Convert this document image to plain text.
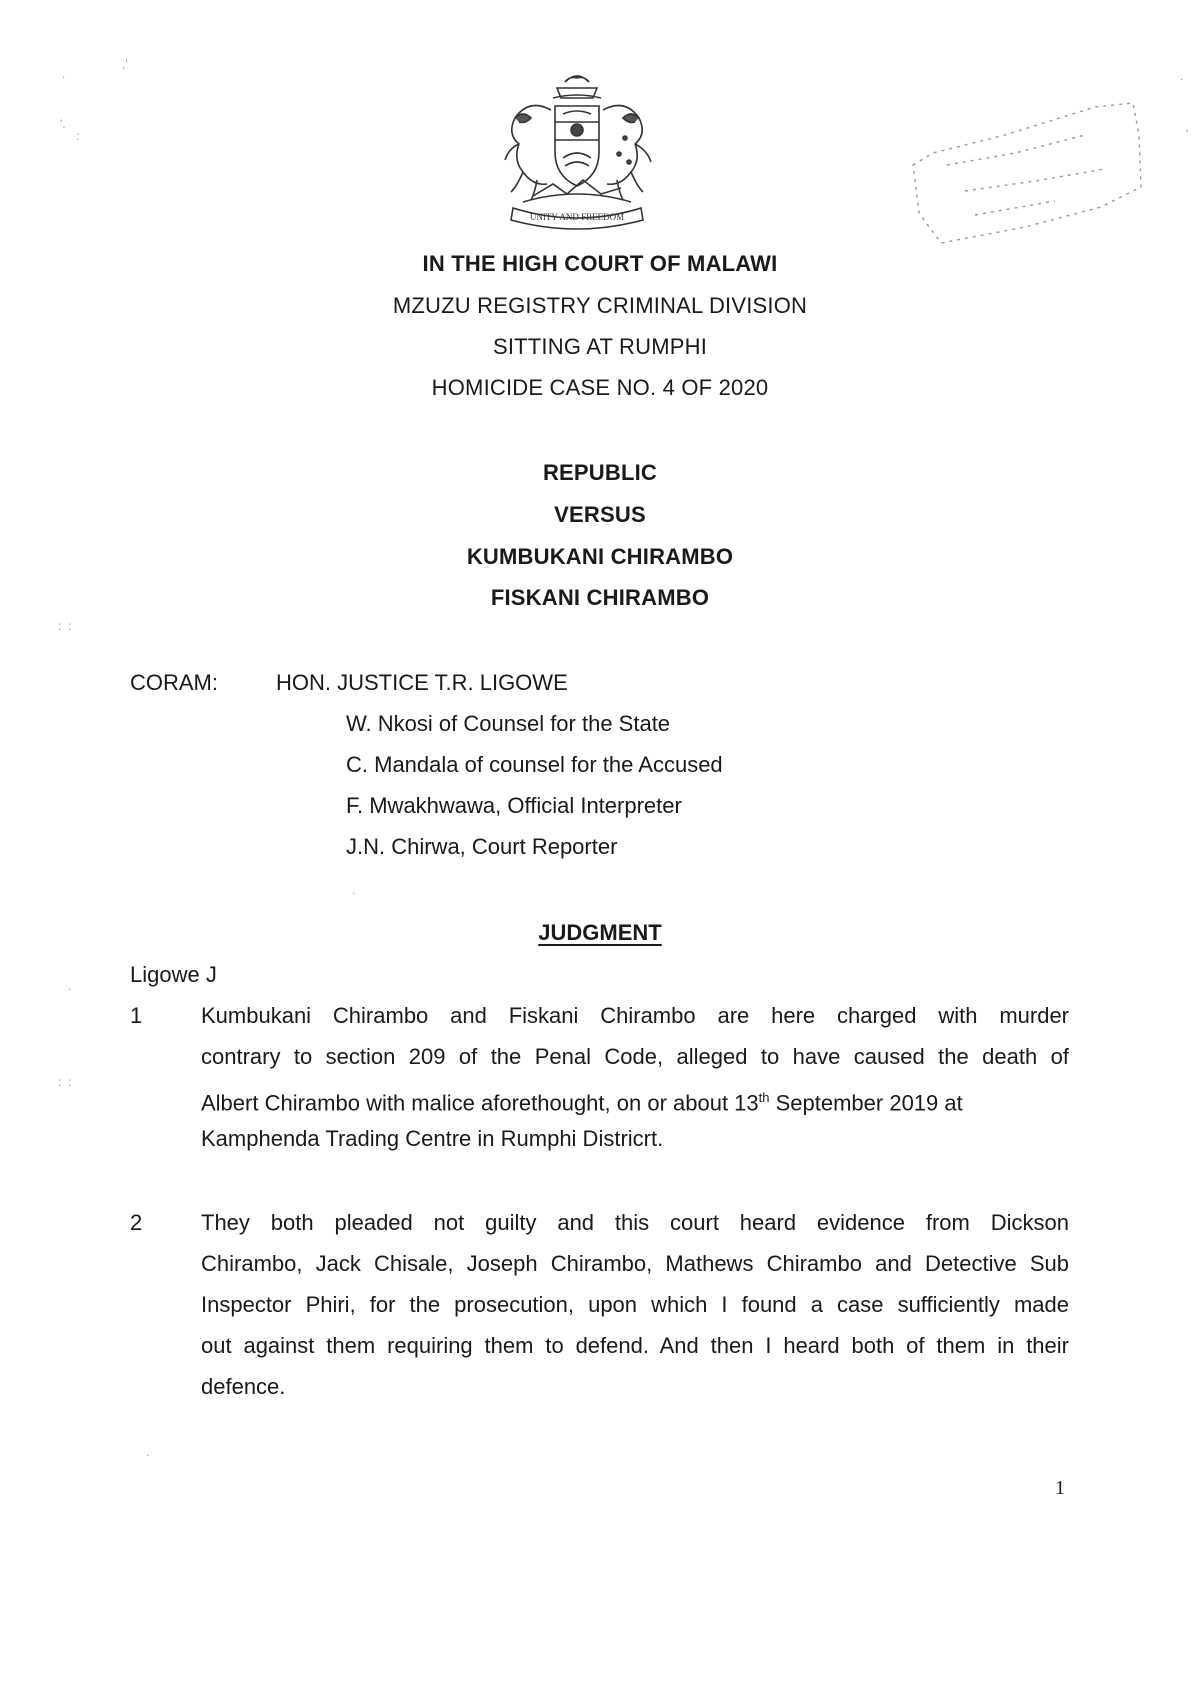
UNITY AND FREEDOM
.
,'
'.
:
:  :
:  :
.
.
.
.
'
IN THE HIGH COURT OF MALAWI
MZUZU REGISTRY CRIMINAL DIVISION
SITTING AT RUMPHI
HOMICIDE CASE NO. 4 OF 2020
REPUBLIC
VERSUS
KUMBUKANI CHIRAMBO
FISKANI CHIRAMBO
CORAM:	HON. JUSTICE T.R. LIGOWE
W. Nkosi of Counsel for the State
C. Mandala of counsel for the Accused
F. Mwakhwawa, Official Interpreter
J.N. Chirwa, Court Reporter
JUDGMENT
Ligowe J
1	Kumbukani Chirambo and Fiskani Chirambo are here charged with murder
contrary to section 209 of the Penal Code, alleged to have caused the death of
Albert Chirambo with malice aforethought, on or about 13th September 2019 at
Kamphenda Trading Centre in Rumphi Districrt.
2	They both pleaded not guilty and this court heard evidence from Dickson
Chirambo, Jack Chisale, Joseph Chirambo, Mathews Chirambo and Detective Sub
Inspector Phiri, for the prosecution, upon which I found a case sufficiently made
out against them requiring them to defend. And then I heard both of them in their
defence.
1
